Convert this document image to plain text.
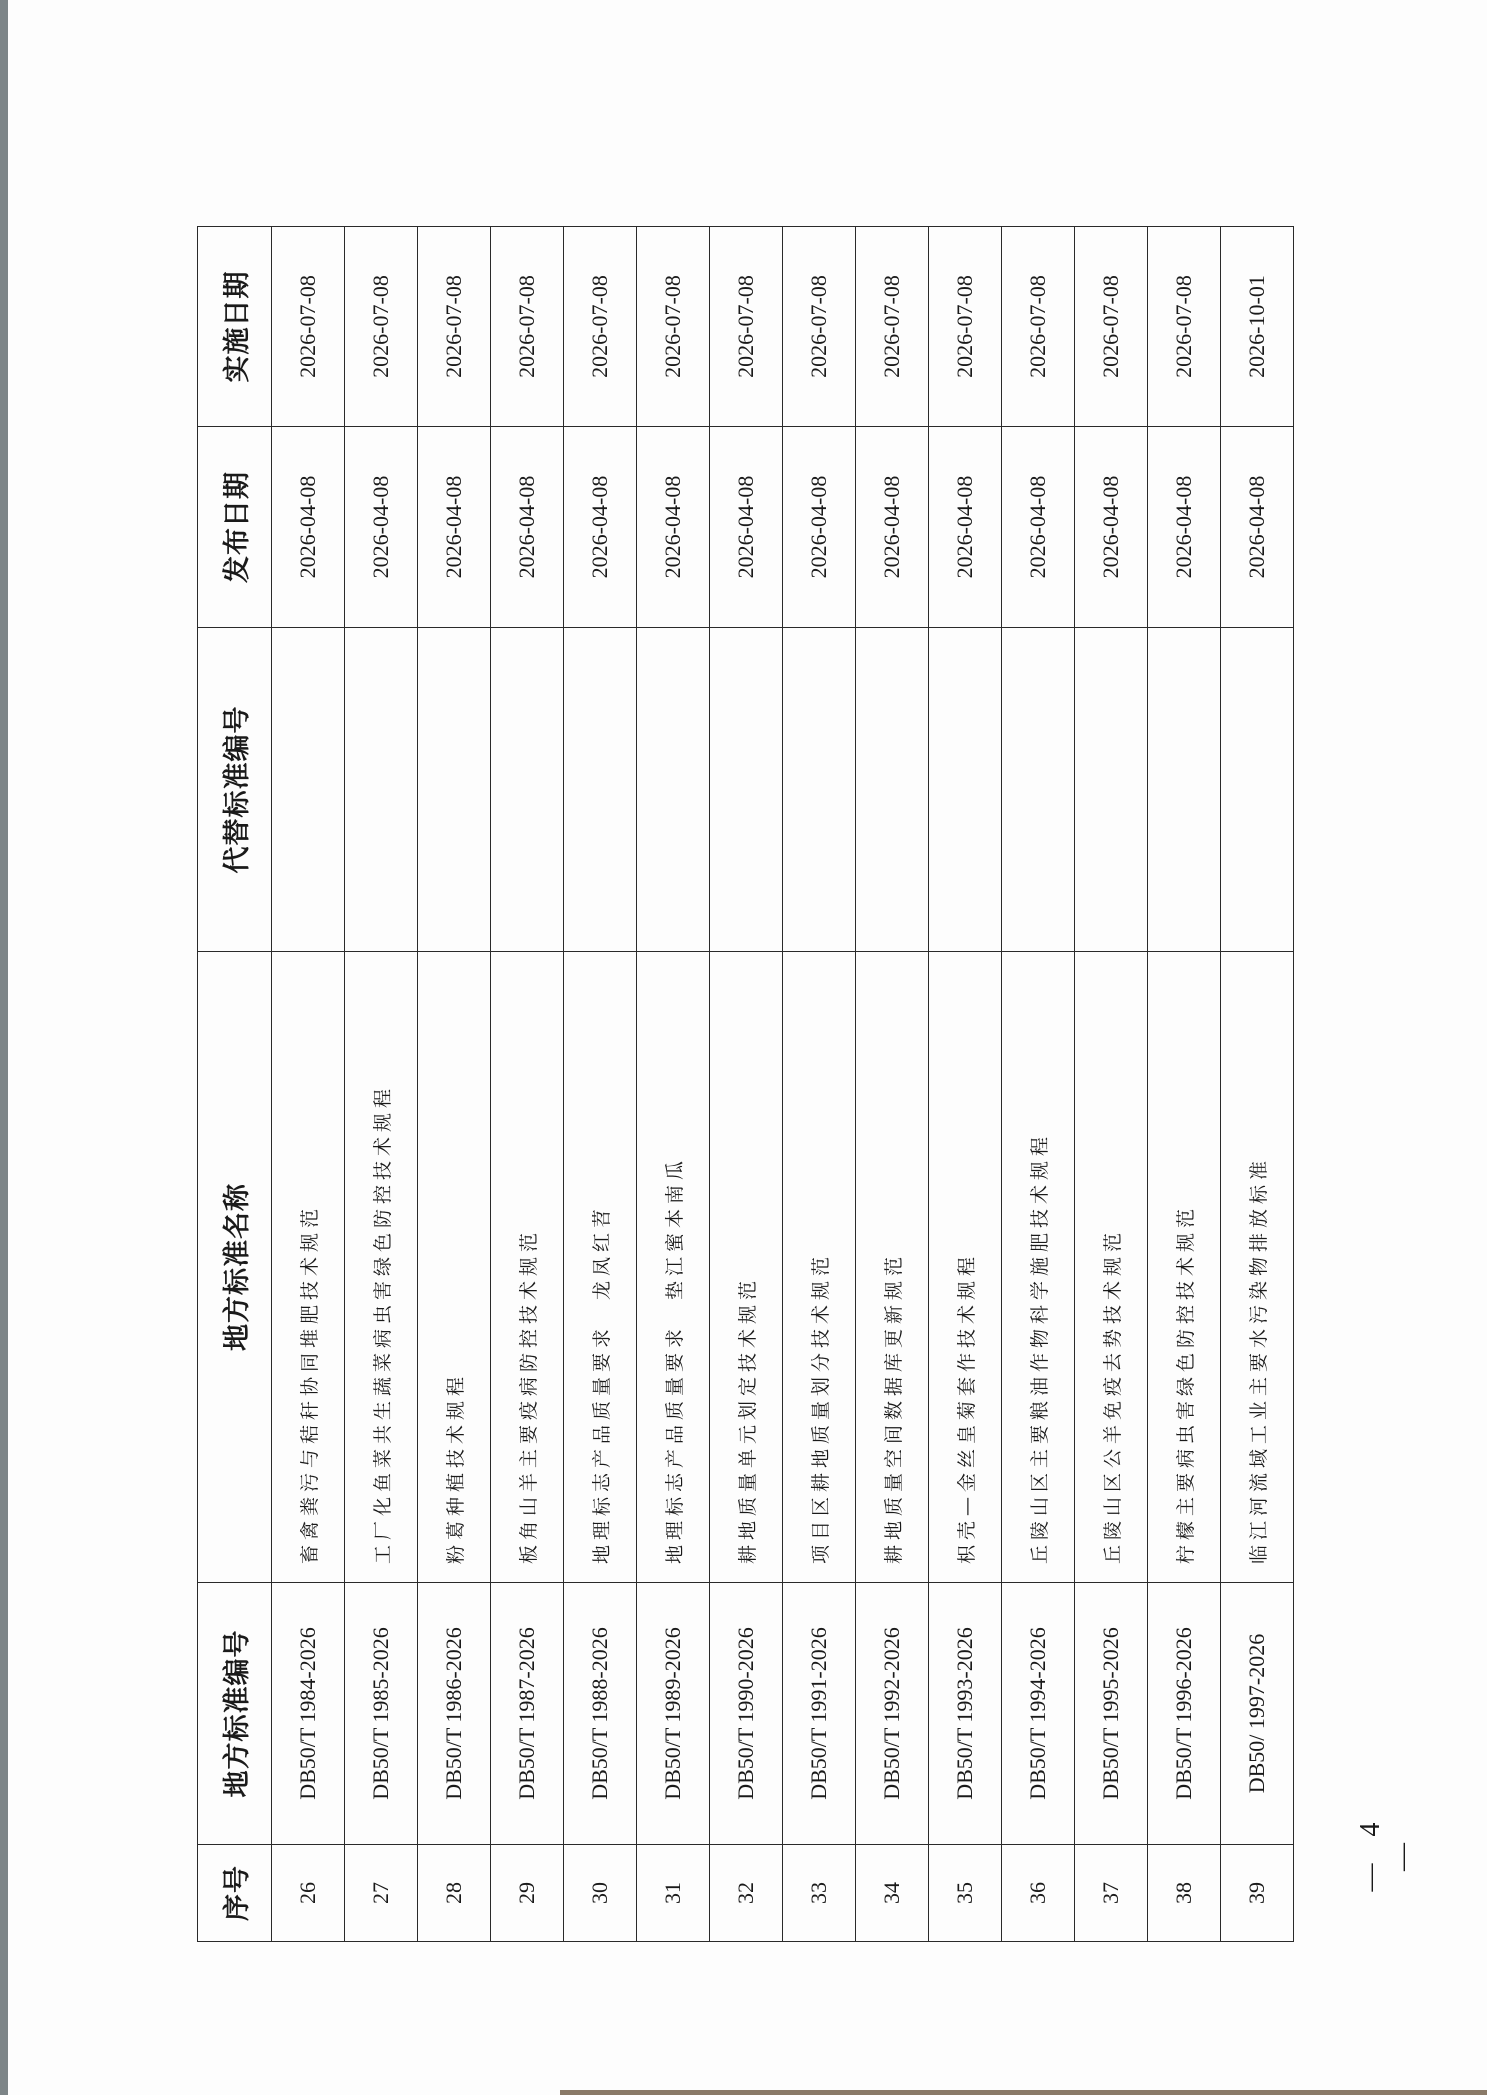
序号	地方标准编号	地方标准名称	代替标准编号	发布日期	实施日期
26	DB50/T 1984-2026	畜禽粪污与秸秆协同堆肥技术规范		2026-04-08	2026-07-08
27	DB50/T 1985-2026	工厂化鱼菜共生蔬菜病虫害绿色防控技术规程		2026-04-08	2026-07-08
28	DB50/T 1986-2026	粉葛种植技术规程		2026-04-08	2026-07-08
29	DB50/T 1987-2026	板角山羊主要疫病防控技术规范		2026-04-08	2026-07-08
30	DB50/T 1988-2026	地理标志产品质量要求　龙凤红苕		2026-04-08	2026-07-08
31	DB50/T 1989-2026	地理标志产品质量要求　垫江蜜本南瓜		2026-04-08	2026-07-08
32	DB50/T 1990-2026	耕地质量单元划定技术规范		2026-04-08	2026-07-08
33	DB50/T 1991-2026	项目区耕地质量划分技术规范		2026-04-08	2026-07-08
34	DB50/T 1992-2026	耕地质量空间数据库更新规范		2026-04-08	2026-07-08
35	DB50/T 1993-2026	枳壳—金丝皇菊套作技术规程		2026-04-08	2026-07-08
36	DB50/T 1994-2026	丘陵山区主要粮油作物科学施肥技术规程		2026-04-08	2026-07-08
37	DB50/T 1995-2026	丘陵山区公羊免疫去势技术规范		2026-04-08	2026-07-08
38	DB50/T 1996-2026	柠檬主要病虫害绿色防控技术规范		2026-04-08	2026-07-08
39	DB50/ 1997-2026	临江河流域工业主要水污染物排放标准		2026-04-08	2026-10-01
— 4 —
